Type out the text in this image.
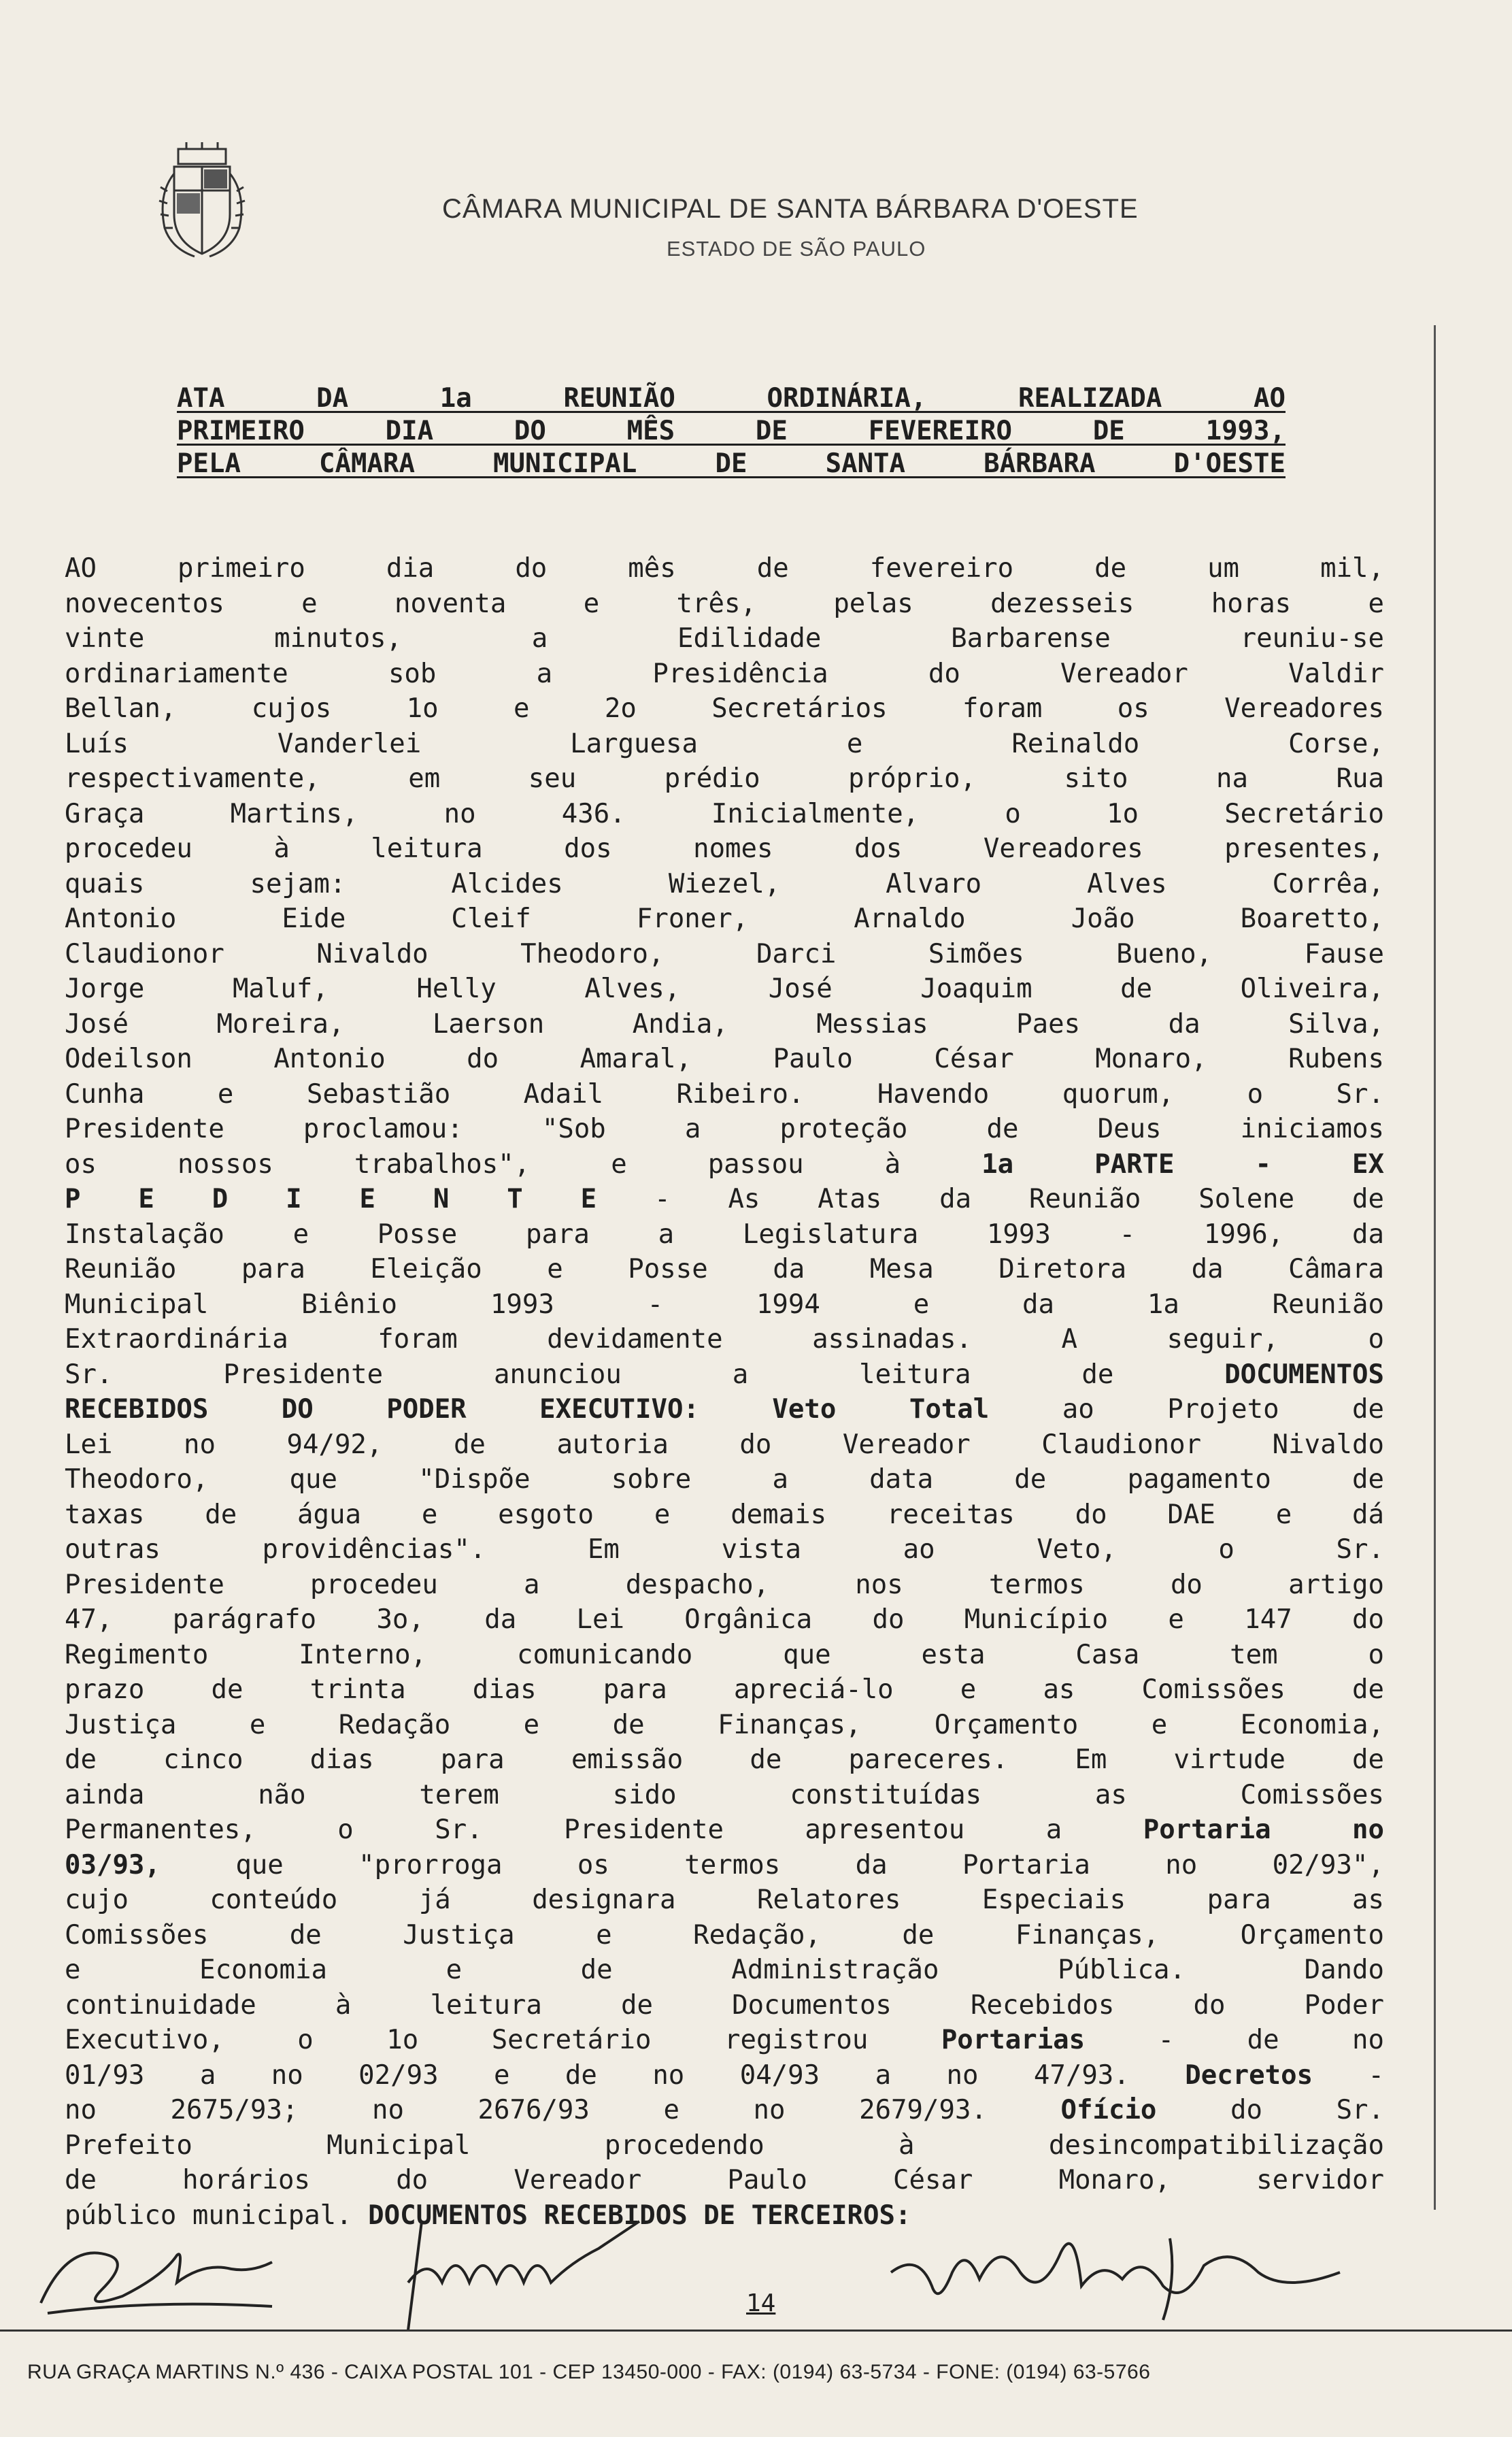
CÂMARA MUNICIPAL DE SANTA BÁRBARA D'OESTE
ESTADO DE SÃO PAULO
ATA DA 1a REUNIÃO ORDINÁRIA, REALIZADA AO
PRIMEIRO DIA DO MÊS DE FEVEREIRO DE 1993,
PELA CÂMARA MUNICIPAL DE SANTA BÁRBARA D'OESTE
AO primeiro dia do mês de fevereiro de um mil,
novecentos e noventa e três, pelas dezesseis horas e
vinte minutos, a Edilidade Barbarense reuniu-se
ordinariamente sob a Presidência do Vereador Valdir
Bellan, cujos 1o e 2o Secretários foram os Vereadores
Luís Vanderlei Larguesa e Reinaldo Corse,
respectivamente, em seu prédio próprio, sito na Rua
Graça Martins, no 436. Inicialmente, o 1o Secretário
procedeu à leitura dos nomes dos Vereadores presentes,
quais sejam: Alcides Wiezel, Alvaro Alves Corrêa,
Antonio Eide Cleif Froner, Arnaldo João Boaretto,
Claudionor Nivaldo Theodoro, Darci Simões Bueno, Fause
Jorge Maluf, Helly Alves, José Joaquim de Oliveira,
José Moreira, Laerson Andia, Messias Paes da Silva,
Odeilson Antonio do Amaral, Paulo César Monaro, Rubens
Cunha e Sebastião Adail Ribeiro. Havendo quorum, o Sr.
Presidente proclamou: "Sob a proteção de Deus iniciamos
os nossos trabalhos", e passou à	1a PARTE - EX
P E D I E N T E - As Atas da Reunião Solene de
Instalação e Posse para a Legislatura 1993 - 1996, da
Reunião para Eleição e Posse da Mesa Diretora da Câmara
Municipal Biênio 1993 - 1994 e da 1a Reunião
Extraordinária foram devidamente assinadas. A seguir, o
Sr. Presidente anunciou a leitura de	DOCUMENTOS
RECEBIDOS DO PODER EXECUTIVO: Veto Total	ao Projeto de
Lei no 94/92, de autoria do Vereador Claudionor Nivaldo
Theodoro, que "Dispõe sobre a data de pagamento de
taxas de água e esgoto e demais receitas do DAE e dá
outras providências". Em vista ao Veto, o Sr.
Presidente procedeu a despacho, nos termos do artigo
47, parágrafo 3o, da Lei Orgânica do Município e 147 do
Regimento Interno, comunicando que esta Casa tem o
prazo de trinta dias para apreciá-lo e as Comissões de
Justiça e Redação e de Finanças, Orçamento e Economia,
de cinco dias para emissão de pareceres. Em virtude de
ainda não terem sido constituídas as Comissões
Permanentes, o Sr. Presidente apresentou a	Portaria no
03/93,	que "prorroga os termos da Portaria no 02/93",
cujo conteúdo já designara Relatores Especiais para as
Comissões de Justiça e Redação, de Finanças, Orçamento
e Economia e de Administração Pública. Dando
continuidade à leitura de Documentos Recebidos do Poder
Executivo, o 1o Secretário registrou	Portarias	- de no
01/93 a no 02/93 e de no 04/93 a no 47/93. Decretos -
no 2675/93; no 2676/93 e no 2679/93.	Ofício	do Sr.
Prefeito Municipal procedendo à desincompatibilização
de horários do Vereador Paulo César Monaro, servidor
público municipal. DOCUMENTOS RECEBIDOS DE TERCEIROS:
14
RUA GRAÇA MARTINS N.º 436 - CAIXA POSTAL 101 - CEP 13450-000 - FAX: (0194) 63-5734 - FONE: (0194) 63-5766
